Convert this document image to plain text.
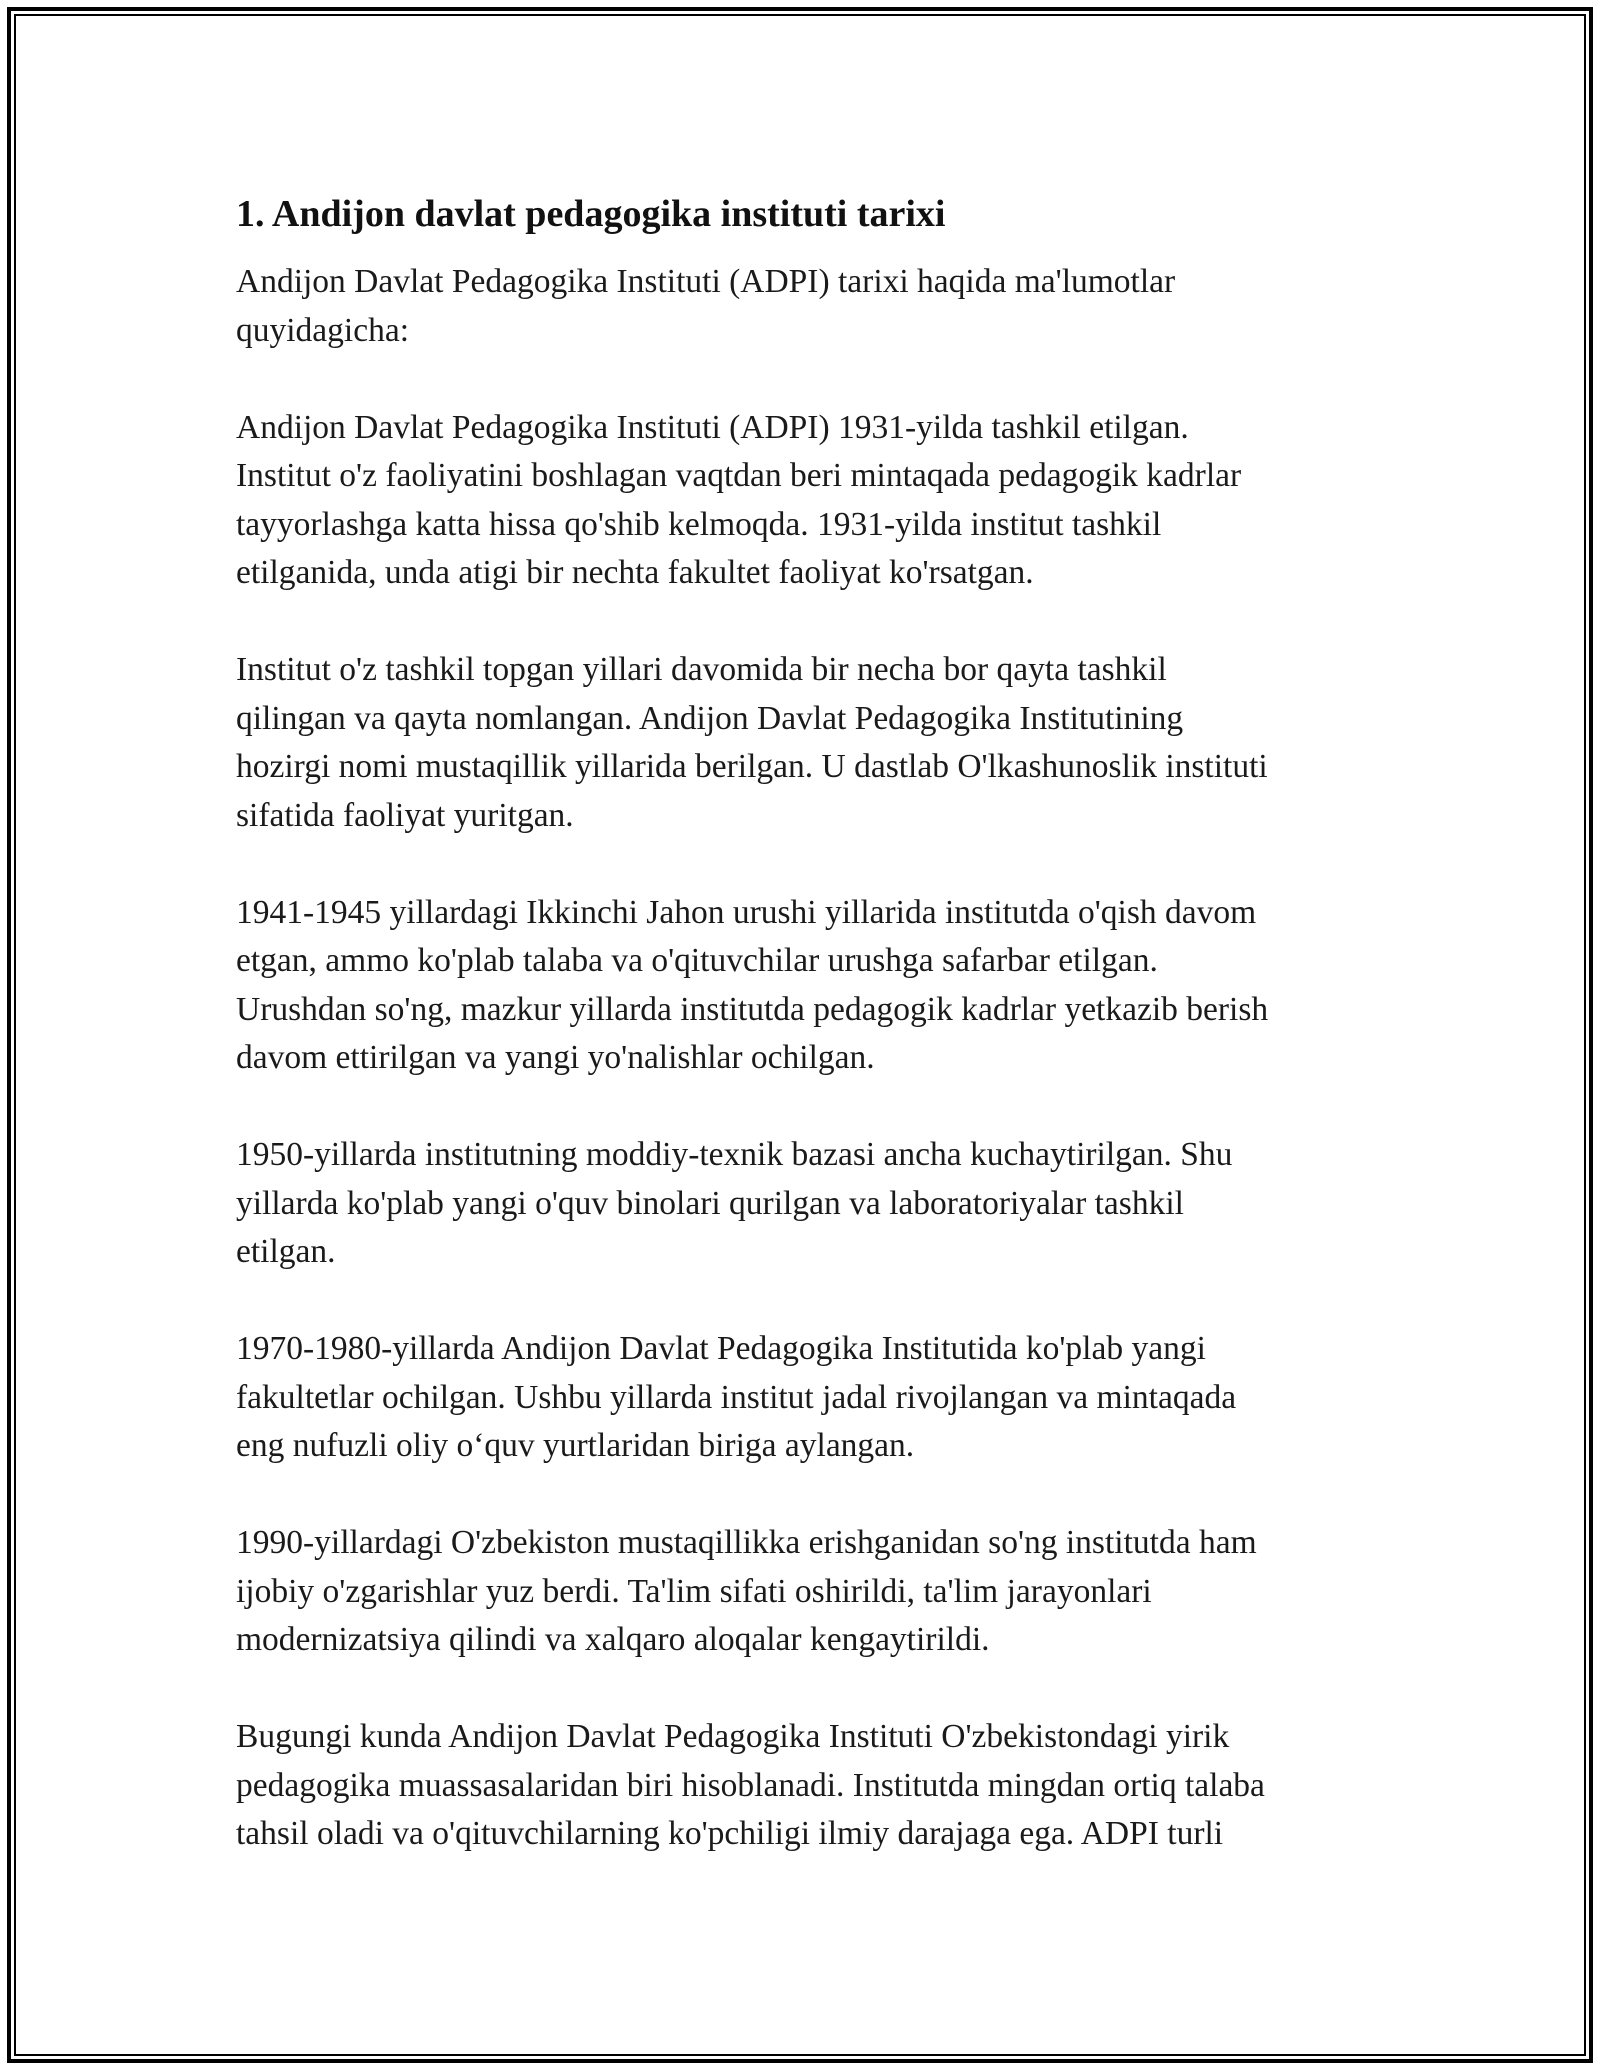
1. Andijon davlat pedagogika instituti tarixi
Andijon Davlat Pedagogika Instituti (ADPI) tarixi haqida ma'lumotlar
quyidagicha:
Andijon Davlat Pedagogika Instituti (ADPI) 1931-yilda tashkil etilgan.
Institut o'z faoliyatini boshlagan vaqtdan beri mintaqada pedagogik kadrlar
tayyorlashga katta hissa qo'shib kelmoqda. 1931-yilda institut tashkil
etilganida, unda atigi bir nechta fakultet faoliyat ko'rsatgan.
Institut o'z tashkil topgan yillari davomida bir necha bor qayta tashkil
qilingan va qayta nomlangan. Andijon Davlat Pedagogika Institutining
hozirgi nomi mustaqillik yillarida berilgan. U dastlab O'lkashunoslik instituti
sifatida faoliyat yuritgan.
1941-1945 yillardagi Ikkinchi Jahon urushi yillarida institutda o'qish davom
etgan, ammo ko'plab talaba va o'qituvchilar urushga safarbar etilgan.
Urushdan so'ng, mazkur yillarda institutda pedagogik kadrlar yetkazib berish
davom ettirilgan va yangi yo'nalishlar ochilgan.
1950-yillarda institutning moddiy-texnik bazasi ancha kuchaytirilgan. Shu
yillarda ko'plab yangi o'quv binolari qurilgan va laboratoriyalar tashkil
etilgan.
1970-1980-yillarda Andijon Davlat Pedagogika Institutida ko'plab yangi
fakultetlar ochilgan. Ushbu yillarda institut jadal rivojlangan va mintaqada
eng nufuzli oliy o‘quv yurtlaridan biriga aylangan.
1990-yillardagi O'zbekiston mustaqillikka erishganidan so'ng institutda ham
ijobiy o'zgarishlar yuz berdi. Ta'lim sifati oshirildi, ta'lim jarayonlari
modernizatsiya qilindi va xalqaro aloqalar kengaytirildi.
Bugungi kunda Andijon Davlat Pedagogika Instituti O'zbekistondagi yirik
pedagogika muassasalaridan biri hisoblanadi. Institutda mingdan ortiq talaba
tahsil oladi va o'qituvchilarning ko'pchiligi ilmiy darajaga ega. ADPI turli
